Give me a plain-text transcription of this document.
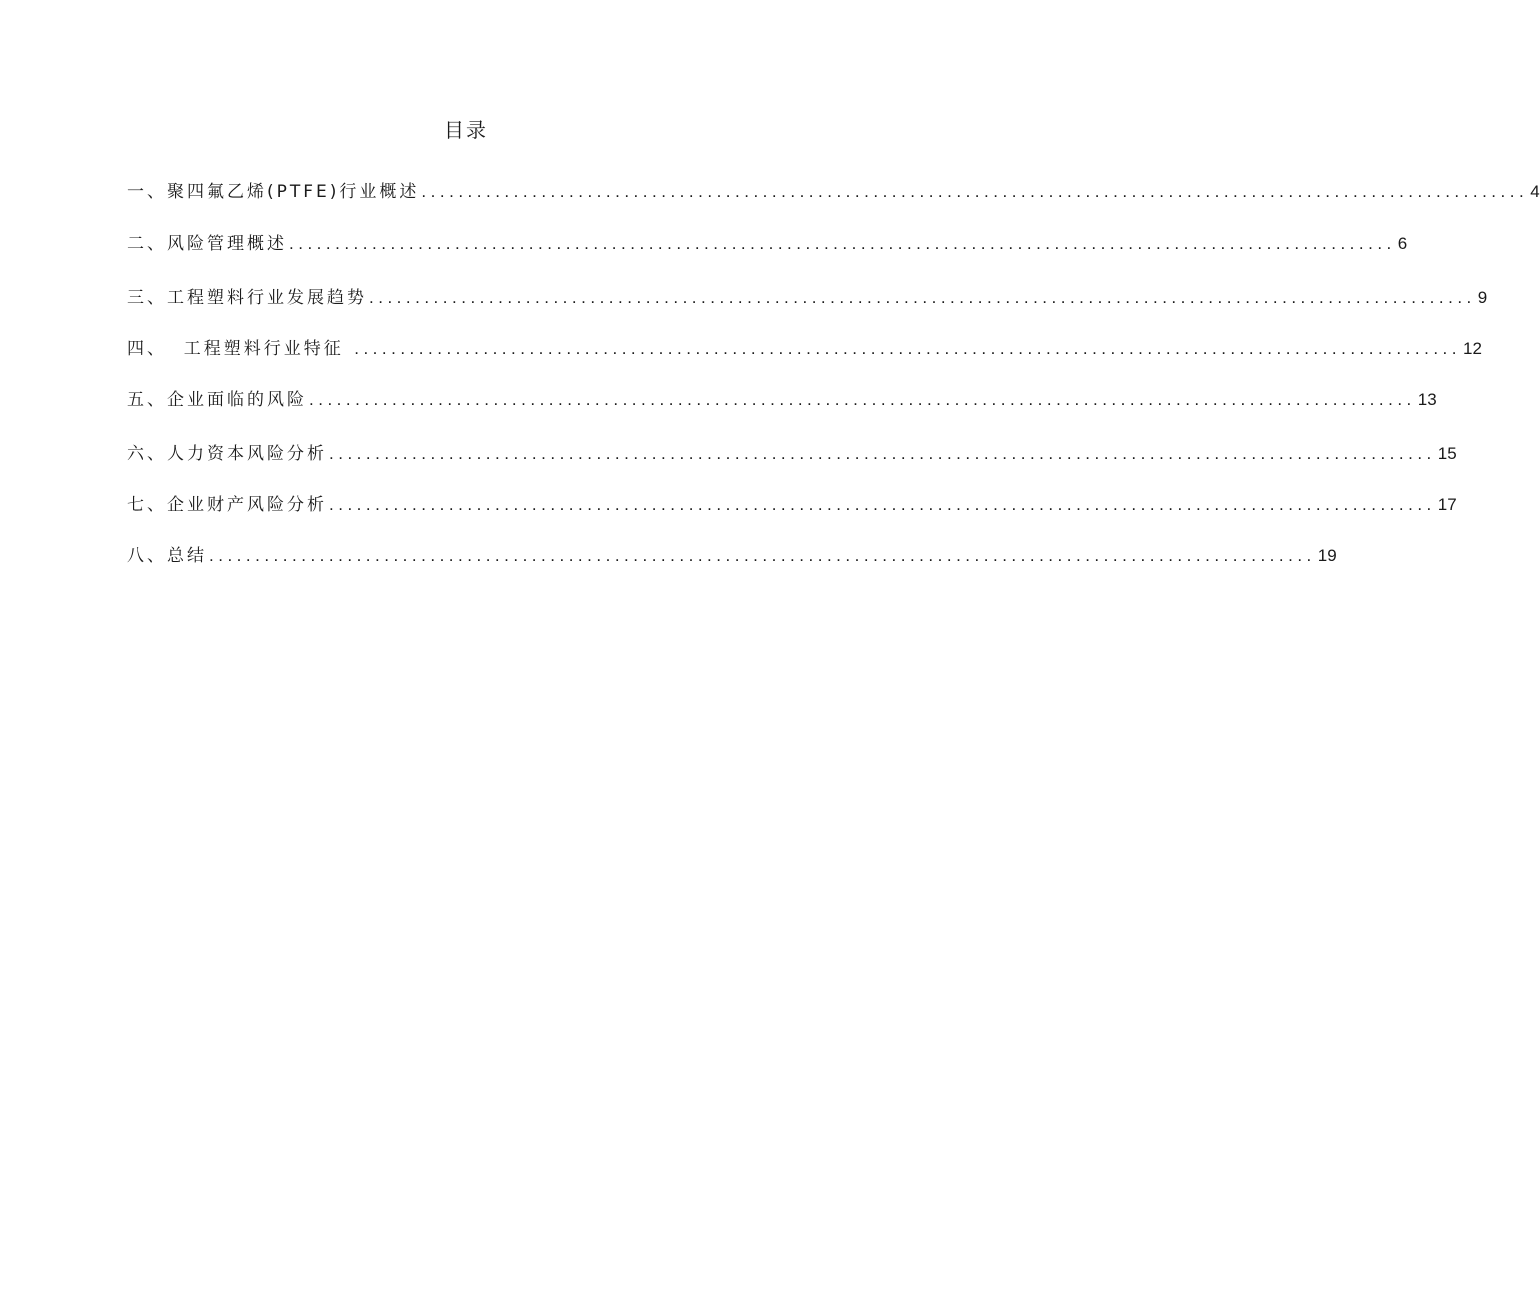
目录
一、聚四氟乙烯(PTFE)行业概述 ........................................................................................................................ 4
二、风险管理概述 ........................................................................................................................ 6
三、工程塑料行业发展趋势 ........................................................................................................................ 9
四、  工程塑料行业特征 ........................................................................................................................ 12
五、企业面临的风险 ........................................................................................................................ 13
六、人力资本风险分析 ........................................................................................................................ 15
七、企业财产风险分析 ........................................................................................................................ 17
八、总结 ........................................................................................................................ 19
